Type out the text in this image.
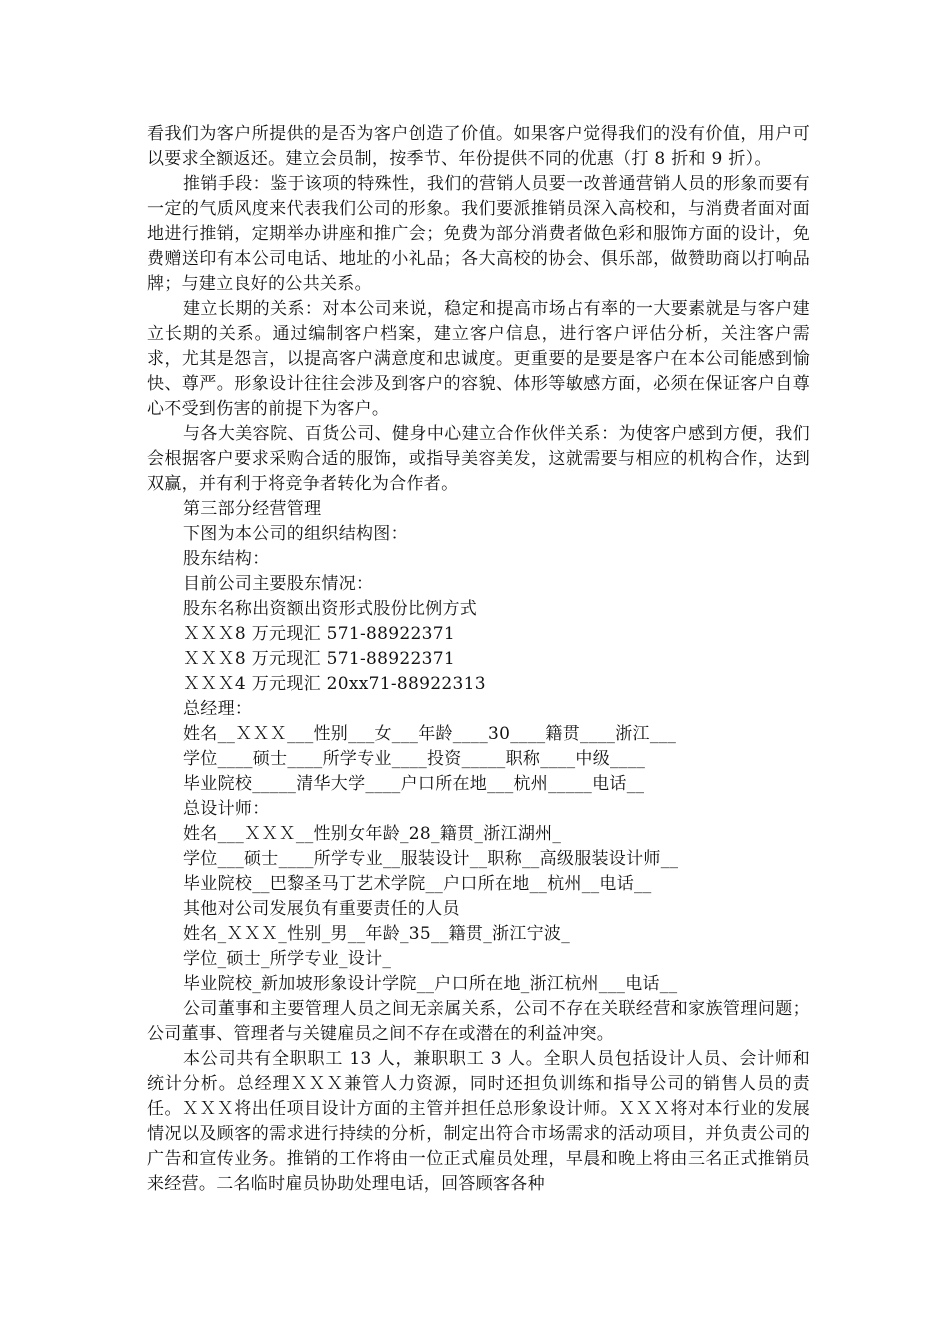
看我们为客户所提供的是否为客户创造了价值。如果客户觉得我们的没有价值，用户可以要求全额返还。建立会员制，按季节、年份提供不同的优惠（打 8 折和 9 折）。

推销手段：鉴于该项的特殊性，我们的营销人员要一改普通营销人员的形象而要有一定的气质风度来代表我们公司的形象。我们要派推销员深入高校和，与消费者面对面地进行推销，定期举办讲座和推广会；免费为部分消费者做色彩和服饰方面的设计，免费赠送印有本公司电话、地址的小礼品；各大高校的协会、俱乐部，做赞助商以打响品牌；与建立良好的公共关系。

建立长期的关系：对本公司来说，稳定和提高市场占有率的一大要素就是与客户建立长期的关系。通过编制客户档案，建立客户信息，进行客户评估分析，关注客户需求，尤其是怨言，以提高客户满意度和忠诚度。更重要的是要是客户在本公司能感到愉快、尊严。形象设计往往会涉及到客户的容貌、体形等敏感方面，必须在保证客户自尊心不受到伤害的前提下为客户。

与各大美容院、百货公司、健身中心建立合作伙伴关系：为使客户感到方便，我们会根据客户要求采购合适的服饰，或指导美容美发，这就需要与相应的机构合作，达到双赢，并有利于将竞争者转化为合作者。

第三部分经营管理

下图为本公司的组织结构图：

股东结构：

目前公司主要股东情况：

股东名称出资额出资形式股份比例方式

ＸＸＸ8 万元现汇 571-88922371

ＸＸＸ8 万元现汇 571-88922371

ＸＸＸ4 万元现汇 20xx71-88922313

总经理：

姓名__ＸＸＸ___性别___女___年龄____30____籍贯____浙江___

学位____硕士____所学专业____投资_____职称____中级____

毕业院校_____清华大学____户口所在地___杭州_____电话__

总设计师：

姓名___ＸＸＸ__性别女年龄_28_籍贯_浙江湖州_

学位___硕士____所学专业__服装设计__职称__高级服装设计师__

毕业院校__巴黎圣马丁艺术学院__户口所在地__杭州__电话__

其他对公司发展负有重要责任的人员

姓名_ＸＸＸ_性别_男__年龄_35__籍贯_浙江宁波_

学位_硕士_所学专业_设计_

毕业院校_新加坡形象设计学院__户口所在地_浙江杭州___电话__

公司董事和主要管理人员之间无亲属关系，公司不存在关联经营和家族管理问题；公司董事、管理者与关键雇员之间不存在或潜在的利益冲突。

本公司共有全职职工 13 人，兼职职工 3 人。全职人员包括设计人员、会计师和统计分析。总经理ＸＸＸ兼管人力资源，同时还担负训练和指导公司的销售人员的责任。ＸＸＸ将出任项目设计方面的主管并担任总形象设计师。ＸＸＸ将对本行业的发展情况以及顾客的需求进行持续的分析，制定出符合市场需求的活动项目，并负责公司的广告和宣传业务。推销的工作将由一位正式雇员处理，早晨和晚上将由三名正式推销员来经营。二名临时雇员协助处理电话，回答顾客各种
